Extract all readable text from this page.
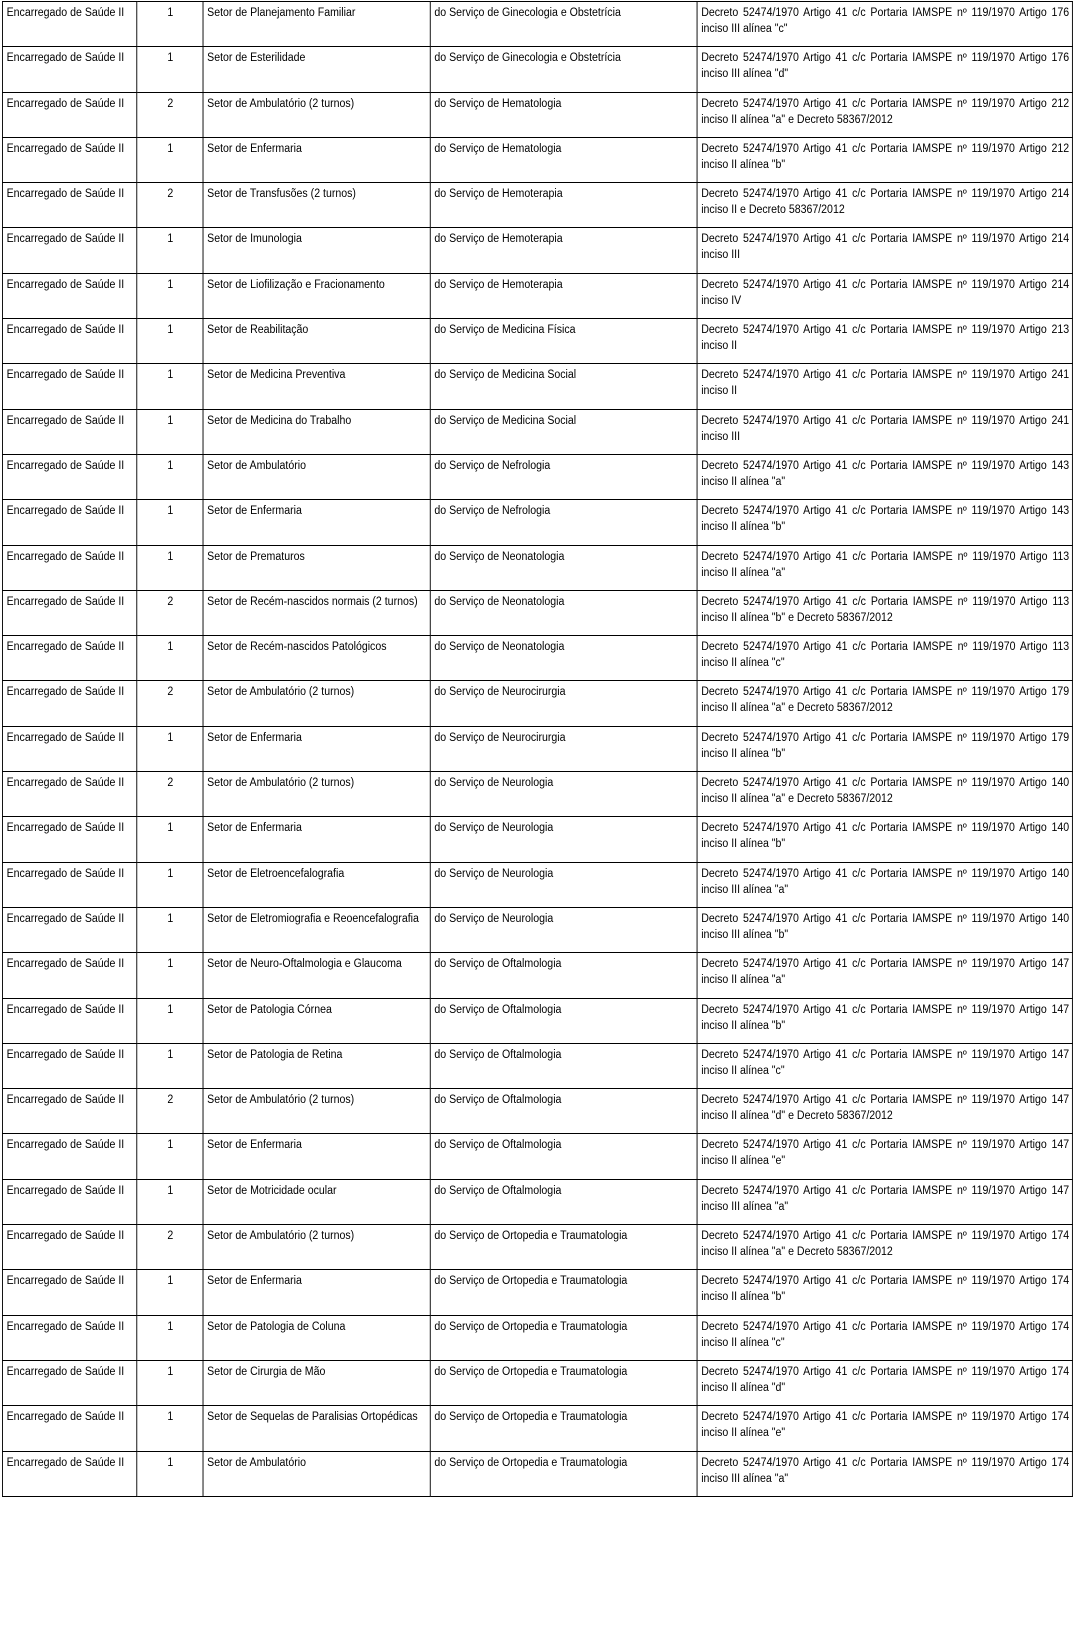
Encarregado de Saúde II	1	Setor de Planejamento Familiar	do Serviço de Ginecologia e Obstetrícia	Decreto 52474/1970 Artigo 41 c/c Portaria IAMSPE nº 119/1970 Artigo 176 inciso III alínea "c"
Encarregado de Saúde II	1	Setor de Esterilidade	do Serviço de Ginecologia e Obstetrícia	Decreto 52474/1970 Artigo 41 c/c Portaria IAMSPE nº 119/1970 Artigo 176 inciso III alínea "d"
Encarregado de Saúde II	2	Setor de Ambulatório (2 turnos)	do Serviço de Hematologia	Decreto 52474/1970 Artigo 41 c/c Portaria IAMSPE nº 119/1970 Artigo 212 inciso II alínea "a" e Decreto 58367/2012
Encarregado de Saúde II	1	Setor de Enfermaria	do Serviço de Hematologia	Decreto 52474/1970 Artigo 41 c/c Portaria IAMSPE nº 119/1970 Artigo 212 inciso II alínea "b"
Encarregado de Saúde II	2	Setor de Transfusões (2 turnos)	do Serviço de Hemoterapia	Decreto 52474/1970 Artigo 41 c/c Portaria IAMSPE nº 119/1970 Artigo 214 inciso II e Decreto 58367/2012
Encarregado de Saúde II	1	Setor de Imunologia	do Serviço de Hemoterapia	Decreto 52474/1970 Artigo 41 c/c Portaria IAMSPE nº 119/1970 Artigo 214 inciso III
Encarregado de Saúde II	1	Setor de Liofilização e Fracionamento	do Serviço de Hemoterapia	Decreto 52474/1970 Artigo 41 c/c Portaria IAMSPE nº 119/1970 Artigo 214 inciso IV
Encarregado de Saúde II	1	Setor de Reabilitação	do Serviço de Medicina Física	Decreto 52474/1970 Artigo 41 c/c Portaria IAMSPE nº 119/1970 Artigo 213 inciso II
Encarregado de Saúde II	1	Setor de Medicina Preventiva	do Serviço de Medicina Social	Decreto 52474/1970 Artigo 41 c/c Portaria IAMSPE nº 119/1970 Artigo 241 inciso II
Encarregado de Saúde II	1	Setor de Medicina do Trabalho	do Serviço de Medicina Social	Decreto 52474/1970 Artigo 41 c/c Portaria IAMSPE nº 119/1970 Artigo 241 inciso III
Encarregado de Saúde II	1	Setor de Ambulatório	do Serviço de Nefrologia	Decreto 52474/1970 Artigo 41 c/c Portaria IAMSPE nº 119/1970 Artigo 143 inciso II alínea "a"
Encarregado de Saúde II	1	Setor de Enfermaria	do Serviço de Nefrologia	Decreto 52474/1970 Artigo 41 c/c Portaria IAMSPE nº 119/1970 Artigo 143 inciso II alínea "b"
Encarregado de Saúde II	1	Setor de Prematuros	do Serviço de Neonatologia	Decreto 52474/1970 Artigo 41 c/c Portaria IAMSPE nº 119/1970 Artigo 113 inciso II alínea "a"
Encarregado de Saúde II	2	Setor de Recém-nascidos normais (2 turnos)	do Serviço de Neonatologia	Decreto 52474/1970 Artigo 41 c/c Portaria IAMSPE nº 119/1970 Artigo 113 inciso II alínea "b" e Decreto 58367/2012
Encarregado de Saúde II	1	Setor de Recém-nascidos Patológicos	do Serviço de Neonatologia	Decreto 52474/1970 Artigo 41 c/c Portaria IAMSPE nº 119/1970 Artigo 113 inciso II alínea "c"
Encarregado de Saúde II	2	Setor de Ambulatório (2 turnos)	do Serviço de Neurocirurgia	Decreto 52474/1970 Artigo 41 c/c Portaria IAMSPE nº 119/1970 Artigo 179 inciso II alínea "a" e Decreto 58367/2012
Encarregado de Saúde II	1	Setor de Enfermaria	do Serviço de Neurocirurgia	Decreto 52474/1970 Artigo 41 c/c Portaria IAMSPE nº 119/1970 Artigo 179 inciso II alínea "b"
Encarregado de Saúde II	2	Setor de Ambulatório (2 turnos)	do Serviço de Neurologia	Decreto 52474/1970 Artigo 41 c/c Portaria IAMSPE nº 119/1970 Artigo 140 inciso II alínea "a" e Decreto 58367/2012
Encarregado de Saúde II	1	Setor de Enfermaria	do Serviço de Neurologia	Decreto 52474/1970 Artigo 41 c/c Portaria IAMSPE nº 119/1970 Artigo 140 inciso II alínea "b"
Encarregado de Saúde II	1	Setor de Eletroencefalografia	do Serviço de Neurologia	Decreto 52474/1970 Artigo 41 c/c Portaria IAMSPE nº 119/1970 Artigo 140 inciso III alínea "a"
Encarregado de Saúde II	1	Setor de Eletromiografia e Reoencefalografia	do Serviço de Neurologia	Decreto 52474/1970 Artigo 41 c/c Portaria IAMSPE nº 119/1970 Artigo 140 inciso III alínea "b"
Encarregado de Saúde II	1	Setor de Neuro-Oftalmologia e Glaucoma	do Serviço de Oftalmologia	Decreto 52474/1970 Artigo 41 c/c Portaria IAMSPE nº 119/1970 Artigo 147 inciso II alínea "a"
Encarregado de Saúde II	1	Setor de Patologia Córnea	do Serviço de Oftalmologia	Decreto 52474/1970 Artigo 41 c/c Portaria IAMSPE nº 119/1970 Artigo 147 inciso II alínea "b"
Encarregado de Saúde II	1	Setor de Patologia de Retina	do Serviço de Oftalmologia	Decreto 52474/1970 Artigo 41 c/c Portaria IAMSPE nº 119/1970 Artigo 147 inciso II alínea "c"
Encarregado de Saúde II	2	Setor de Ambulatório (2 turnos)	do Serviço de Oftalmologia	Decreto 52474/1970 Artigo 41 c/c Portaria IAMSPE nº 119/1970 Artigo 147 inciso II alínea "d" e Decreto 58367/2012
Encarregado de Saúde II	1	Setor de Enfermaria	do Serviço de Oftalmologia	Decreto 52474/1970 Artigo 41 c/c Portaria IAMSPE nº 119/1970 Artigo 147 inciso II alínea "e"
Encarregado de Saúde II	1	Setor de Motricidade ocular	do Serviço de Oftalmologia	Decreto 52474/1970 Artigo 41 c/c Portaria IAMSPE nº 119/1970 Artigo 147 inciso III alínea "a"
Encarregado de Saúde II	2	Setor de Ambulatório (2 turnos)	do Serviço de Ortopedia e Traumatologia	Decreto 52474/1970 Artigo 41 c/c Portaria IAMSPE nº 119/1970 Artigo 174 inciso II alínea "a" e Decreto 58367/2012
Encarregado de Saúde II	1	Setor de Enfermaria	do Serviço de Ortopedia e Traumatologia	Decreto 52474/1970 Artigo 41 c/c Portaria IAMSPE nº 119/1970 Artigo 174 inciso II alínea "b"
Encarregado de Saúde II	1	Setor de Patologia de Coluna	do Serviço de Ortopedia e Traumatologia	Decreto 52474/1970 Artigo 41 c/c Portaria IAMSPE nº 119/1970 Artigo 174 inciso II alínea "c"
Encarregado de Saúde II	1	Setor de Cirurgia de Mão	do Serviço de Ortopedia e Traumatologia	Decreto 52474/1970 Artigo 41 c/c Portaria IAMSPE nº 119/1970 Artigo 174 inciso II alínea "d"
Encarregado de Saúde II	1	Setor de Sequelas de Paralisias Ortopédicas	do Serviço de Ortopedia e Traumatologia	Decreto 52474/1970 Artigo 41 c/c Portaria IAMSPE nº 119/1970 Artigo 174 inciso II alínea "e"
Encarregado de Saúde II	1	Setor de Ambulatório	do Serviço de Ortopedia e Traumatologia	Decreto 52474/1970 Artigo 41 c/c Portaria IAMSPE nº 119/1970 Artigo 174 inciso III alínea "a"
